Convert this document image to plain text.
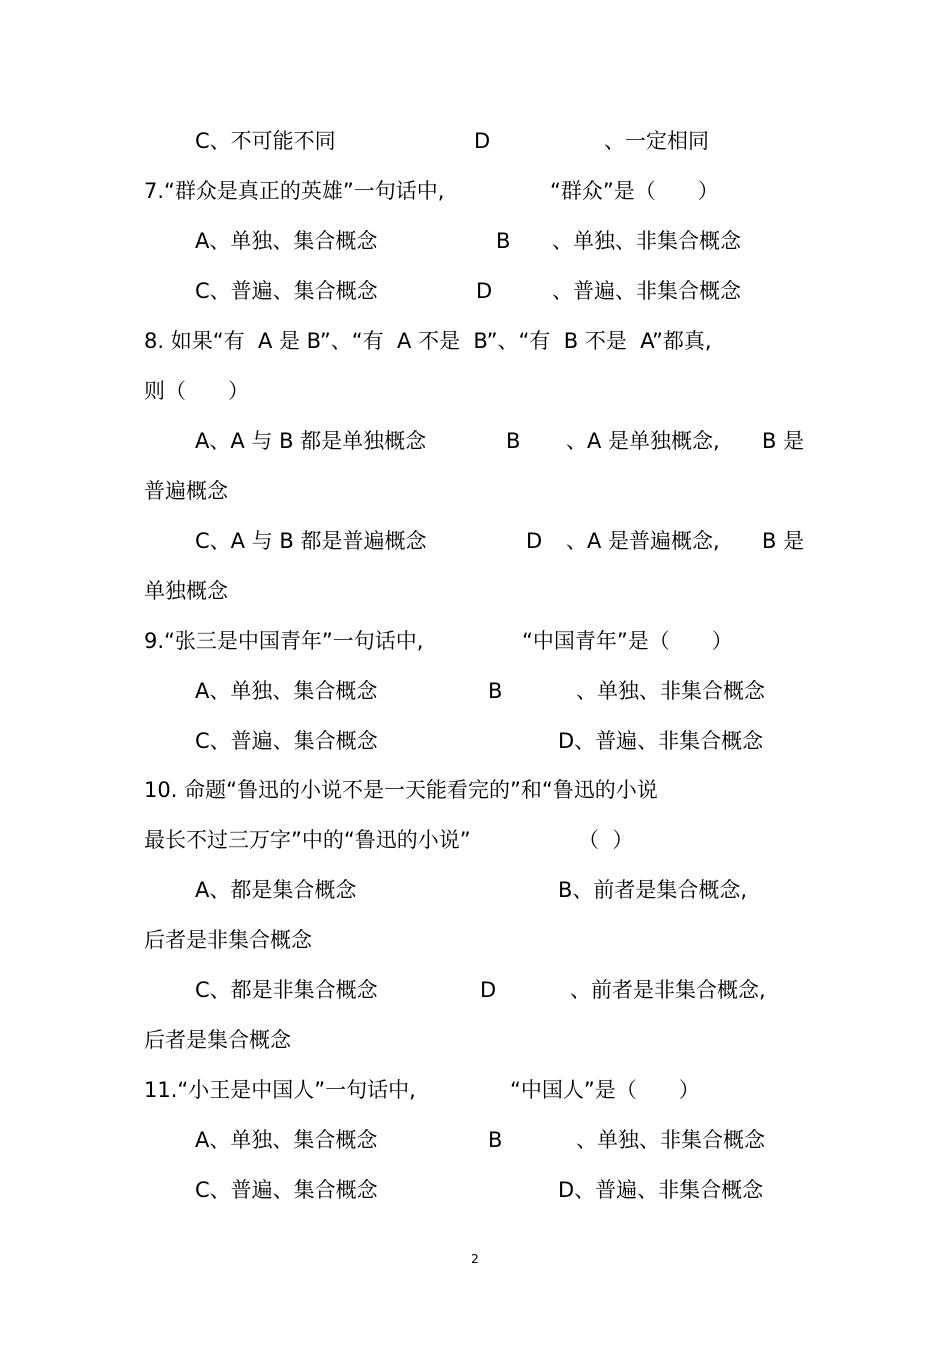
C、不可能不同	D	、一定相同
7.“群众是真正的英雄”一句话中,	“群众”是（　　）
A、单独、集合概念	B 、单独、非集合概念
C、普遍、集合概念	D	、普遍、非集合概念
8. 如果“有  A 是 B”、“有  A 不是  B”、“有  B 不是  A”都真,
则（　　）
A、A 与 B 都是单独概念	B 、A 是单独概念, B 是
普遍概念
C、A 与 B 都是普遍概念	D 、A 是普遍概念, B 是
单独概念
9.“张三是中国青年”一句话中,	“中国青年”是（　　）
A、单独、集合概念	B	、单独、非集合概念
C、普遍、集合概念	D、普遍、非集合概念
10. 命题“鲁迅的小说不是一天能看完的”和“鲁迅的小说
最长不过三万字”中的“鲁迅的小说”	（  ）
A、都是集合概念	B、前者是集合概念,
后者是非集合概念
C、都是非集合概念	D	、前者是非集合概念,
后者是集合概念
11.“小王是中国人”一句话中,	“中国人”是（　　）
A、单独、集合概念	B	、单独、非集合概念
C、普遍、集合概念	D、普遍、非集合概念
2
